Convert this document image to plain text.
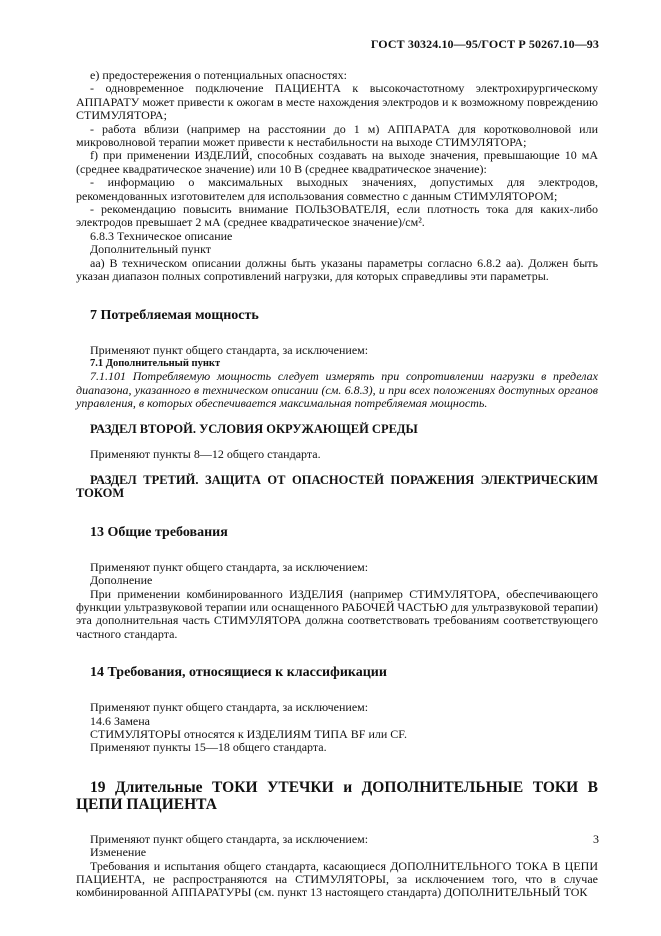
ГОСТ 30324.10—95/ГОСТ Р 50267.10—93

е) предостережения о потенциальных опасностях:

- одновременное подключение ПАЦИЕНТА к высокочастотному электрохирургическому АППАРАТУ может привести к ожогам в месте нахождения электродов и к возможному повреждению СТИМУЛЯТОРА;

- работа вблизи (например на расстоянии до 1 м) АППАРАТА для коротковолновой или микроволновой терапии может привести к нестабильности на выходе СТИМУЛЯТОРА;

f) при применении ИЗДЕЛИЙ, способных создавать на выходе значения, превышающие 10 мА (среднее квадратическое значение) или 10 В (среднее квадратическое значение):

- информацию о максимальных выходных значениях, допустимых для электродов, рекомендованных изготовителем для использования совместно с данным СТИМУЛЯТОРОМ;

- рекомендацию повысить внимание ПОЛЬЗОВАТЕЛЯ, если плотность тока для каких-либо электродов превышает 2 мА (среднее квадратическое значение)/см².

6.8.3 Техническое описание

Дополнительный пункт

аа) В техническом описании должны быть указаны параметры согласно 6.8.2 аа). Должен быть указан диапазон полных сопротивлений нагрузки, для которых справедливы эти параметры.

7 Потребляемая мощность

Применяют пункт общего стандарта, за исключением:

7.1 Дополнительный пункт

7.1.101 Потребляемую мощность следует измерять при сопротивлении нагрузки в пределах диапазона, указанного в техническом описании (см. 6.8.3), и при всех положениях доступных органов управления, в которых обеспечивается максимальная потребляемая мощность.

РАЗДЕЛ ВТОРОЙ. УСЛОВИЯ ОКРУЖАЮЩЕЙ СРЕДЫ

Применяют пункты 8—12 общего стандарта.

РАЗДЕЛ ТРЕТИЙ. ЗАЩИТА ОТ ОПАСНОСТЕЙ ПОРАЖЕНИЯ ЭЛЕКТРИЧЕСКИМ ТОКОМ
13 Общие требования

Применяют пункт общего стандарта, за исключением:

Дополнение

При применении комбинированного ИЗДЕЛИЯ (например СТИМУЛЯТОРА, обеспечивающего функции ультразвуковой терапии или оснащенного РАБОЧЕЙ ЧАСТЬЮ для ультразвуковой терапии) эта дополнительная часть СТИМУЛЯТОРА должна соответствовать требованиям соответствующего частного стандарта.

14 Требования, относящиеся к классификации

Применяют пункт общего стандарта, за исключением:

14.6 Замена

СТИМУЛЯТОРЫ относятся к ИЗДЕЛИЯМ ТИПА BF или CF.

Применяют пункты 15—18 общего стандарта.

19 Длительные ТОКИ УТЕЧКИ и ДОПОЛНИТЕЛЬНЫЕ ТОКИ В ЦЕПИ ПАЦИЕНТА

Применяют пункт общего стандарта, за исключением:

Изменение

Требования и испытания общего стандарта, касающиеся ДОПОЛНИТЕЛЬНОГО ТОКА В ЦЕПИ ПАЦИЕНТА, не распространяются на СТИМУЛЯТОРЫ, за исключением того, что в случае комбинированной АППАРАТУРЫ (см. пункт 13 настоящего стандарта) ДОПОЛНИТЕЛЬНЫЙ ТОК

3
